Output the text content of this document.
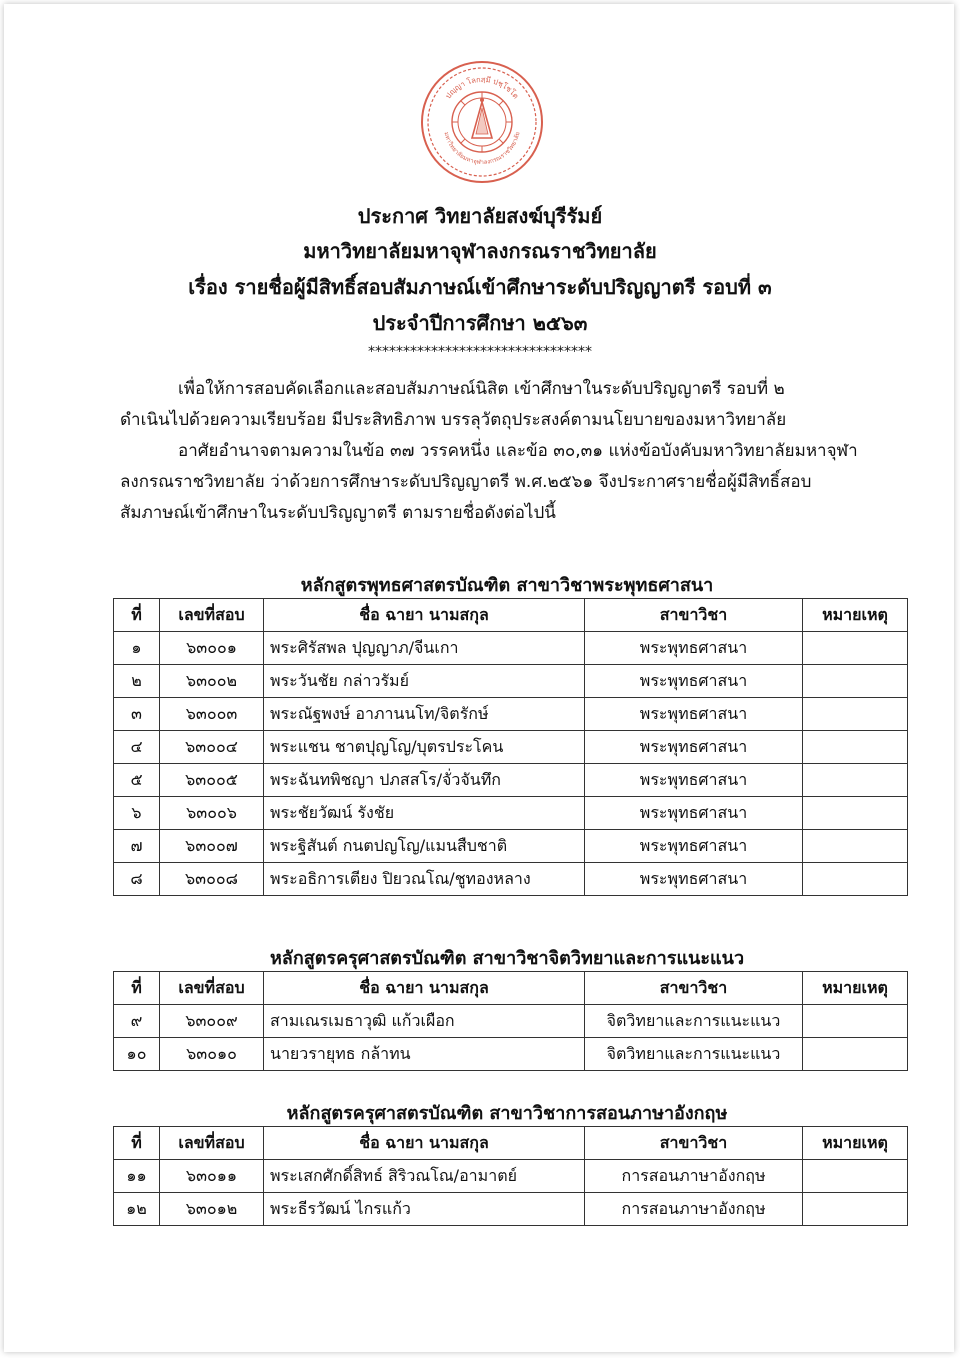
ปญฺญา โลกสฺมึ ปชฺโชโต
มหาวิทยาลัยมหาจุฬาลงกรณราชวิทยาลัย
ประกาศ วิทยาลัยสงฆ์บุรีรัมย์
มหาวิทยาลัยมหาจุฬาลงกรณราชวิทยาลัย
เรื่อง รายชื่อผู้มีสิทธิ์สอบสัมภาษณ์เข้าศึกษาระดับปริญญาตรี รอบที่ ๓
ประจำปีการศึกษา ๒๕๖๓
********************************

เพื่อให้การสอบคัดเลือกและสอบสัมภาษณ์นิสิต เข้าศึกษาในระดับปริญญาตรี รอบที่ ๒

ดำเนินไปด้วยความเรียบร้อย มีประสิทธิภาพ บรรลุวัตถุประสงค์ตามนโยบายของมหาวิทยาลัย

อาศัยอำนาจตามความในข้อ ๓๗ วรรคหนึ่ง และข้อ ๓๐,๓๑ แห่งข้อบังคับมหาวิทยาลัยมหาจุฬา

ลงกรณราชวิทยาลัย ว่าด้วยการศึกษาระดับปริญญาตรี พ.ศ.๒๕๖๑ จึงประกาศรายชื่อผู้มีสิทธิ์สอบ

สัมภาษณ์เข้าศึกษาในระดับปริญญาตรี ตามรายชื่อดังต่อไปนี้

หลักสูตรพุทธศาสตรบัณฑิต สาขาวิชาพระพุทธศาสนา
ที่	เลขที่สอบ	ชื่อ ฉายา นามสกุล	สาขาวิชา	หมายเหตุ
๑	๖๓๐๐๑	พระศิรัสพล ปุญญาภ/จีนเกา	พระพุทธศาสนา	
๒	๖๓๐๐๒	พระวันชัย กล่าวรัมย์	พระพุทธศาสนา	
๓	๖๓๐๐๓	พระณัฐพงษ์ อาภานนโท/จิตรักษ์	พระพุทธศาสนา	
๔	๖๓๐๐๔	พระแชน ชาตปุญโญ/บุตรประโคน	พระพุทธศาสนา	
๕	๖๓๐๐๕	พระฉันทพิชญา ปภสสโร/จั่วจันทึก	พระพุทธศาสนา	
๖	๖๓๐๐๖	พระชัยวัฒน์ รังชัย	พระพุทธศาสนา	
๗	๖๓๐๐๗	พระฐิสันต์ กนตปญโญ/แมนสืบชาติ	พระพุทธศาสนา	
๘	๖๓๐๐๘	พระอธิการเตียง ปิยวณโณ/ชูทองหลาง	พระพุทธศาสนา	
หลักสูตรครุศาสตรบัณฑิต สาขาวิชาจิตวิทยาและการแนะแนว
ที่	เลขที่สอบ	ชื่อ ฉายา นามสกุล	สาขาวิชา	หมายเหตุ
๙	๖๓๐๐๙	สามเณรเมธาวุฒิ แก้วเผือก	จิตวิทยาและการแนะแนว	
๑๐	๖๓๐๑๐	นายวรายุทธ กล้าทน	จิตวิทยาและการแนะแนว	
หลักสูตรครุศาสตรบัณฑิต สาขาวิชาการสอนภาษาอังกฤษ
ที่	เลขที่สอบ	ชื่อ ฉายา นามสกุล	สาขาวิชา	หมายเหตุ
๑๑	๖๓๐๑๑	พระเสกศักดิ์สิทธ์ สิริวณโณ/อามาตย์	การสอนภาษาอังกฤษ	
๑๒	๖๓๐๑๒	พระธีรวัฒน์ ไกรแก้ว	การสอนภาษาอังกฤษ	
